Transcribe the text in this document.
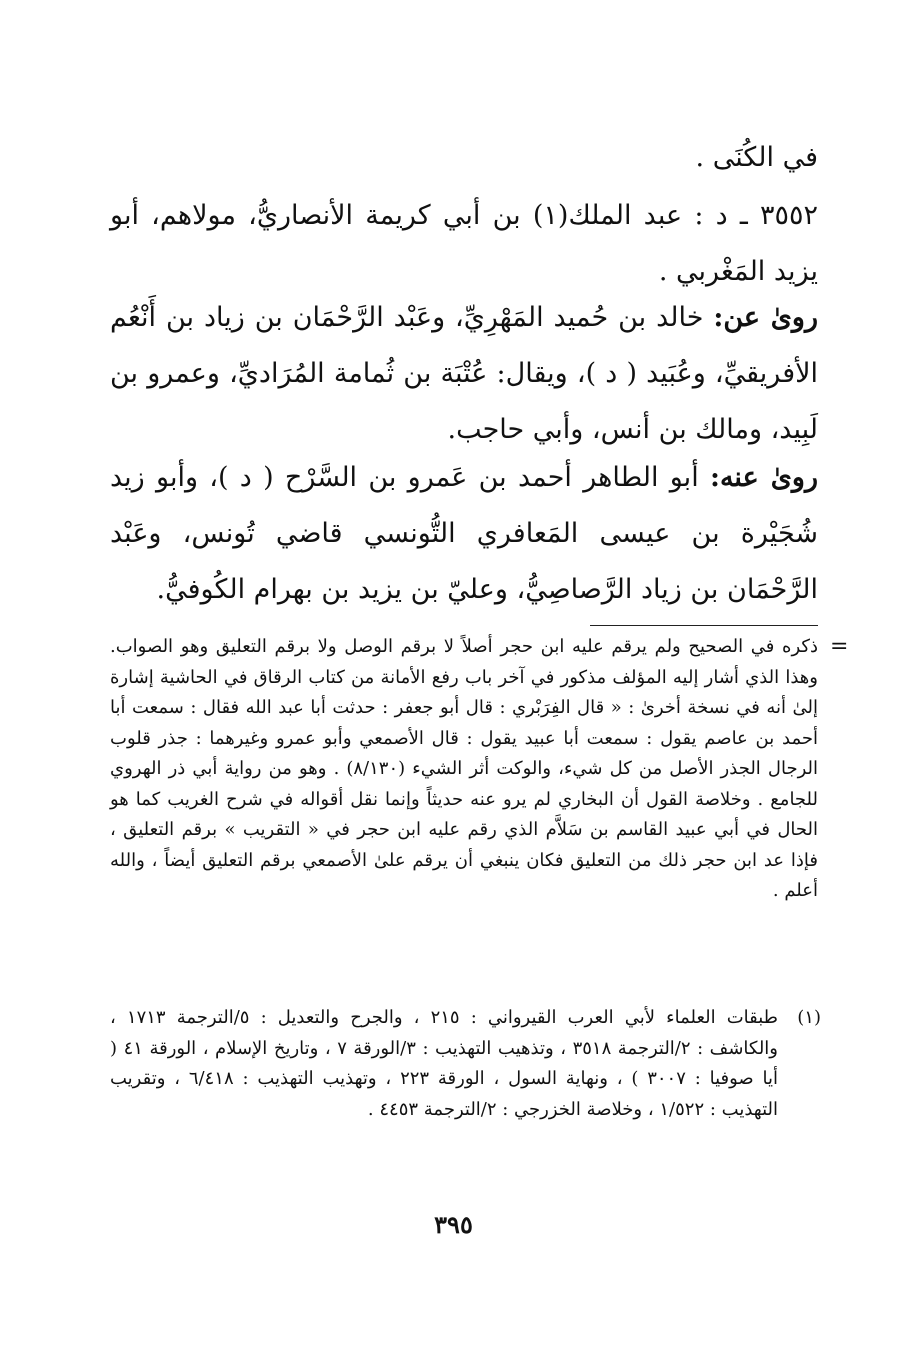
في الكُنَى .

٣٥٥٢ ـ د : عبد الملك(١) بن أبي كريمة الأنصاريُّ، مولاهم، أبو يزيد المَغْربي .

روىٰ عن: خالد بن حُميد المَهْرِيِّ، وعَبْد الرَّحْمَان بن زياد بن أَنْعُم الأفريقيِّ، وعُبَيد ( د )، ويقال: عُتْبَة بن ثُمامة المُرَاديِّ، وعمرو بن لَبِيد، ومالك بن أنس، وأبي حاجب.

روىٰ عنه: أبو الطاهر أحمد بن عَمرو بن السَّرْح ( د )، وأبو زيد شُجَيْرة بن عيسى المَعافري التُّونسي قاضي تُونس، وعَبْد الرَّحْمَان بن زياد الرَّصاصِيُّ، وعليّ بن يزيد بن بهرام الكُوفيُّ.

=

ذكره في الصحيح ولم يرقم عليه ابن حجر أصلاً لا برقم الوصل ولا برقم التعليق وهو الصواب. وهذا الذي أشار إليه المؤلف مذكور في آخر باب رفع الأمانة من كتاب الرقاق في الحاشية إشارة إلىٰ أنه في نسخة أخرىٰ : « قال الفِرَبْري : قال أبو جعفر : حدثت أبا عبد الله فقال : سمعت أبا أحمد بن عاصم يقول : سمعت أبا عبيد يقول : قال الأصمعي وأبو عمرو وغيرهما : جذر قلوب الرجال الجذر الأصل من كل شيء، والوكت أثر الشيء (٨/١٣٠) . وهو من رواية أبي ذر الهروي للجامع . وخلاصة القول أن البخاري لم يرو عنه حديثاً وإنما نقل أقواله في شرح الغريب كما هو الحال في أبي عبيد القاسم بن سَلاَّم الذي رقم عليه ابن حجر في « التقريب » برقم التعليق ، فإذا عد ابن حجر ذلك من التعليق فكان ينبغي أن يرقم علىٰ الأصمعي برقم التعليق أيضاً ، والله أعلم .

(١)

طبقات العلماء لأبي العرب القيرواني : ٢١٥ ، والجرح والتعديل : ٥/الترجمة ١٧١٣ ، والكاشف : ٢/الترجمة ٣٥١٨ ، وتذهيب التهذيب : ٣/الورقة ٧ ، وتاريخ الإسلام ، الورقة ٤١ ( أيا صوفيا : ٣٠٠٧ ) ، ونهاية السول ، الورقة ٢٢٣ ، وتهذيب التهذيب : ٦/٤١٨ ، وتقريب التهذيب : ١/٥٢٢ ، وخلاصة الخزرجي : ٢/الترجمة ٤٤٥٣ .

٣٩٥
